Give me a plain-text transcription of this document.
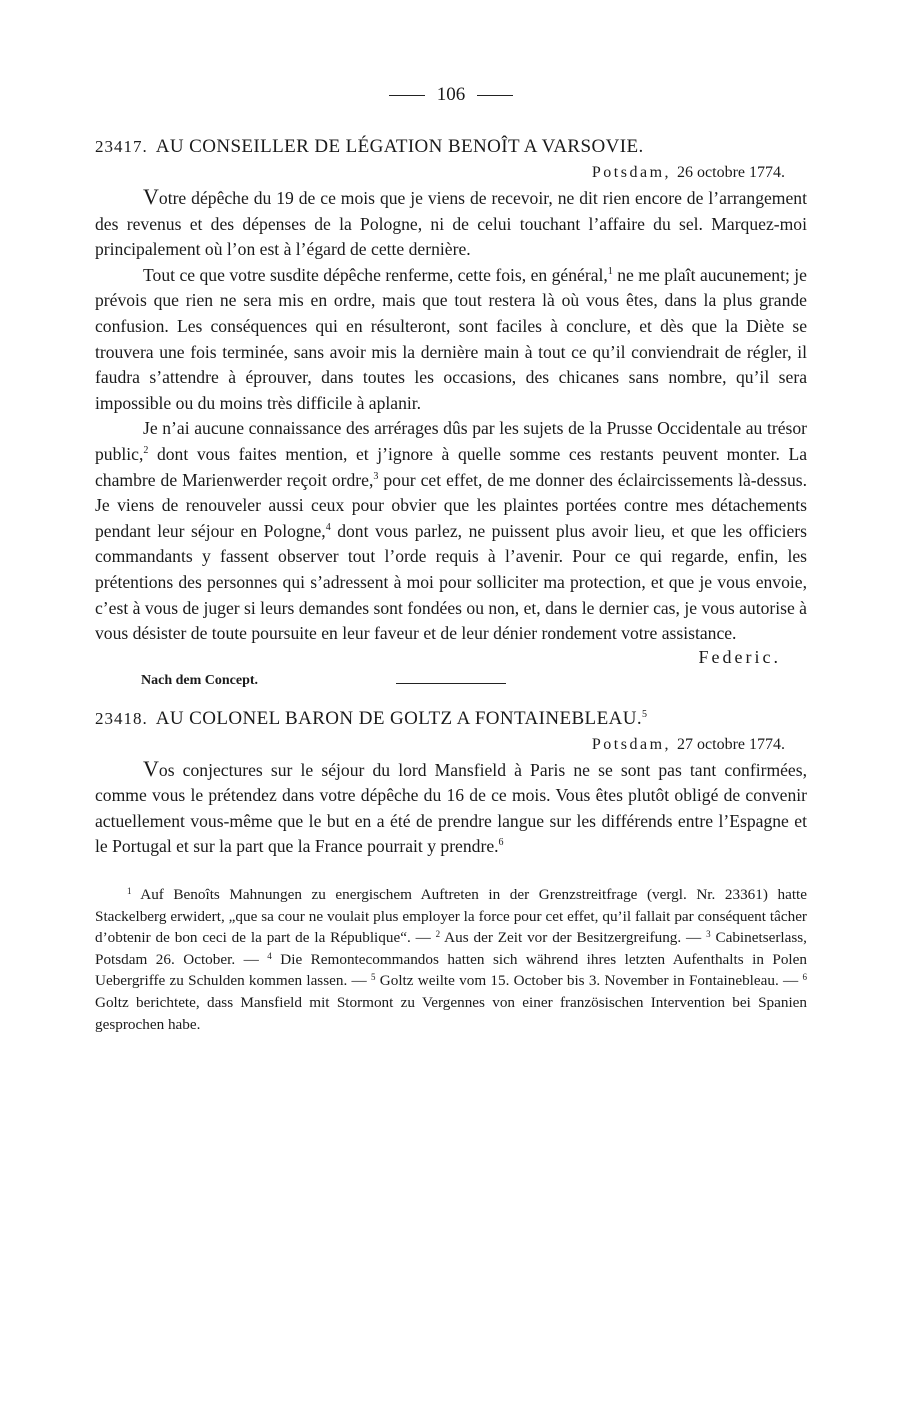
106
23417. AU CONSEILLER DE LÉGATION BENOÎT A VARSOVIE.
Potsdam, 26 octobre 1774.

Votre dépêche du 19 de ce mois que je viens de recevoir, ne dit rien encore de l’arrangement des revenus et des dépenses de la Pologne, ni de celui touchant l’affaire du sel. Marquez-moi principalement où l’on est à l’égard de cette dernière.

Tout ce que votre susdite dépêche renferme, cette fois, en général,$^1$ ne me plaît aucunement; je prévois que rien ne sera mis en ordre, mais que tout restera là où vous êtes, dans la plus grande confusion. Les conséquences qui en résulteront, sont faciles à conclure, et dès que la Diète se trouvera une fois terminée, sans avoir mis la dernière main à tout ce qu’il conviendrait de régler, il faudra s’attendre à éprouver, dans toutes les occasions, des chicanes sans nombre, qu’il sera impossible ou du moins très difficile à aplanir.

Je n’ai aucune connaissance des arrérages dûs par les sujets de la Prusse Occidentale au trésor public,$^2$ dont vous faites mention, et j’ignore à quelle somme ces restants peuvent monter. La chambre de Marienwerder reçoit ordre,$^3$ pour cet effet, de me donner des éclaircissements là-dessus. Je viens de renouveler aussi ceux pour obvier que les plaintes portées contre mes détachements pendant leur séjour en Pologne,$^4$ dont vous parlez, ne puissent plus avoir lieu, et que les officiers commandants y fassent observer tout l’orde requis à l’avenir. Pour ce qui regarde, enfin, les prétentions des personnes qui s’adressent à moi pour solliciter ma protection, et que je vous envoie, c’est à vous de juger si leurs demandes sont fondées ou non, et, dans le dernier cas, je vous autorise à vous désister de toute poursuite en leur faveur et de leur dénier rondement votre assistance.

Federic.
Nach dem Concept.
23418. AU COLONEL BARON DE GOLTZ A FONTAINEBLEAU.$^5$
Potsdam, 27 octobre 1774.

Vos conjectures sur le séjour du lord Mansfield à Paris ne se sont pas tant confirmées, comme vous le prétendez dans votre dépêche du 16 de ce mois. Vous êtes plutôt obligé de convenir actuellement vous-même que le but en a été de prendre langue sur les différends entre l’Espagne et le Portugal et sur la part que la France pourrait y prendre.$^6$

$^1$ Auf Benoîts Mahnungen zu energischem Auftreten in der Grenzstreitfrage (vergl. Nr. 23361) hatte Stackelberg erwidert, „que sa cour ne voulait plus employer la force pour cet effet, qu’il fallait par conséquent tâcher d’obtenir de bon ceci de la part de la République“. — $^2$ Aus der Zeit vor der Besitzergreifung. — $^3$ Cabinetserlass, Potsdam 26. October. — $^4$ Die Remontecommandos hatten sich während ihres letzten Aufenthalts in Polen Uebergriffe zu Schulden kommen lassen. — $^5$ Goltz weilte vom 15. October bis 3. November in Fontainebleau. — $^6$ Goltz berichtete, dass Mansfield mit Stormont zu Vergennes von einer französischen Intervention bei Spanien gesprochen habe.
